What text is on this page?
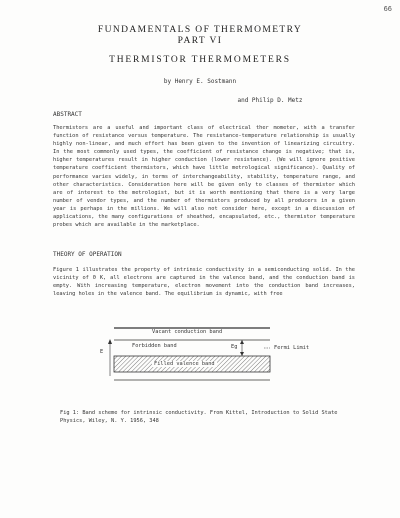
66
FUNDAMENTALS OF THERMOMETRY
PART VI
THERMISTOR THERMOMETERS
by Henry E. Sostmann
and Philip D. Metz
ABSTRACT
Thermistors are a useful and important class of electrical ther mometer, with a transfer function of resistance versus temperature. The resistance-temperature relationship is usually highly non-linear, and much effort has been given to the invention of linearizing circuitry. In the most commonly used types, the coefficient of resistance change is negative; that is, higher temperatures result in higher conduction (lower resistance). (We will ignore positive temperature coefficient thermistors, which have little metrological significance). Quality of performance varies widely, in terms of interchangeability, stability, temperature range, and other characteristics. Consideration here will be given only to classes of thermistor which are of interest to the metrologist, but it is worth mentioning that there is a very large number of vendor types, and the number of thermistors produced by all producers in a given year is perhaps in the millions. We will also not consider here, except in a discussion of applications, the many configurations of sheathed, encapsulated, etc., thermistor temperature probes which are available in the marketplace.
THEORY OF OPERATION
Figure 1 illustrates the property of intrinsic conductivity in a semiconducting solid. In the vicinity of 0 K, all electrons are captured in the valence band, and the conduction band is empty. With increasing temperature, electron movement into the conduction band increases, leaving holes in the valence band. The equilibrium is dynamic, with free
Vacant conduction band
Forbidden band
Filled valence band
E
Eg	Fermi Limit
Fig 1: Band scheme for intrinsic conductivity. From Kittel, Introduction to Solid State Physics, Wiley, N. Y. 1956, 348
